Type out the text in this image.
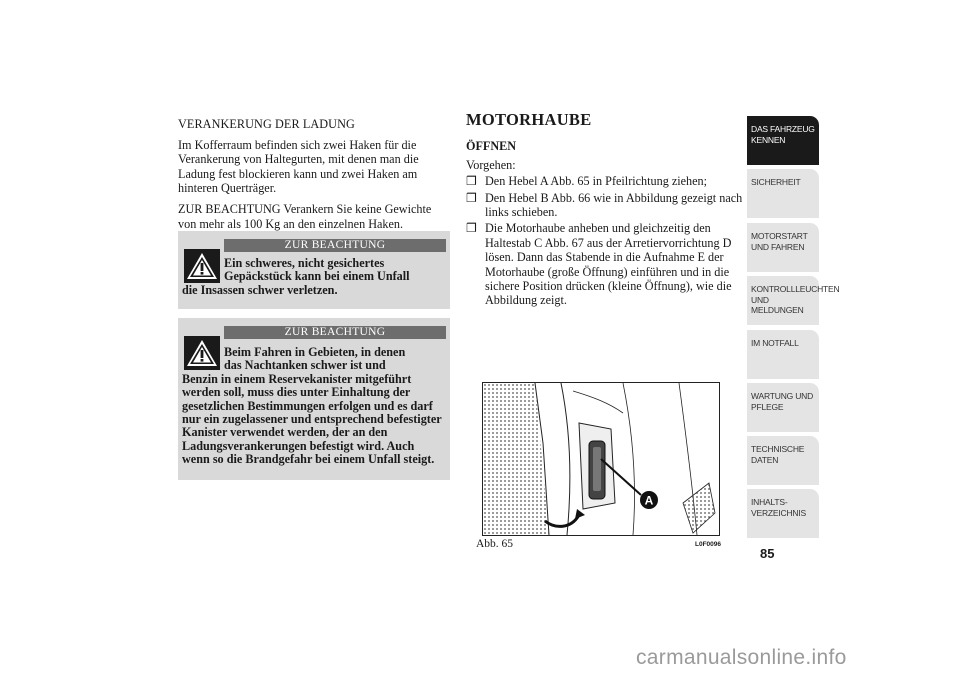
VERANKERUNG DER LADUNG

Im Kofferraum befinden sich zwei Haken für die Verankerung von Haltegurten, mit denen man die Ladung fest blockieren kann und zwei Haken am hinteren Querträger.

ZUR BEACHTUNG Verankern Sie keine Gewichte von mehr als 100 Kg an den einzelnen Haken.

ZUR BEACHTUNG
Ein schweres, nicht gesichertes
Gepäckstück kann bei einem Unfall
die Insassen schwer verletzen.
ZUR BEACHTUNG
Beim Fahren in Gebieten, in denen
das Nachtanken schwer ist und
Benzin in einem Reservekanister mitgeführt werden soll, muss dies unter Einhaltung der gesetzlichen Bestimmungen erfolgen und es darf nur ein zugelassener und entsprechend befestigter Kanister verwendet werden, der an den Ladungsverankerungen befestigt wird. Auch wenn so die Brandgefahr bei einem Unfall steigt.
MOTORHAUBE
ÖFFNEN

Vorgehen:

❒ Den Hebel A Abb. 65 in Pfeilrichtung ziehen;
❒ Den Hebel B Abb. 66 wie in Abbildung gezeigt nach links schieben.
❒ Die Motorhaube anheben und gleichzeitig den Haltestab C Abb. 67 aus der Arretiervorrichtung D lösen. Dann das Stabende in die Aufnahme E der Motorhaube (große Öffnung) einführen und in die sichere Position drücken (kleine Öffnung), wie die Abbildung zeigt.
A
Abb. 65	L0F0096
DAS FAHRZEUG KENNEN
SICHERHEIT
MOTORSTART UND FAHREN
KONTROLLLEUCHTEN UND MELDUNGEN
IM NOTFALL
WARTUNG UND PFLEGE
TECHNISCHE DATEN
INHALTS- VERZEICHNIS
85
carmanualsonline.info
